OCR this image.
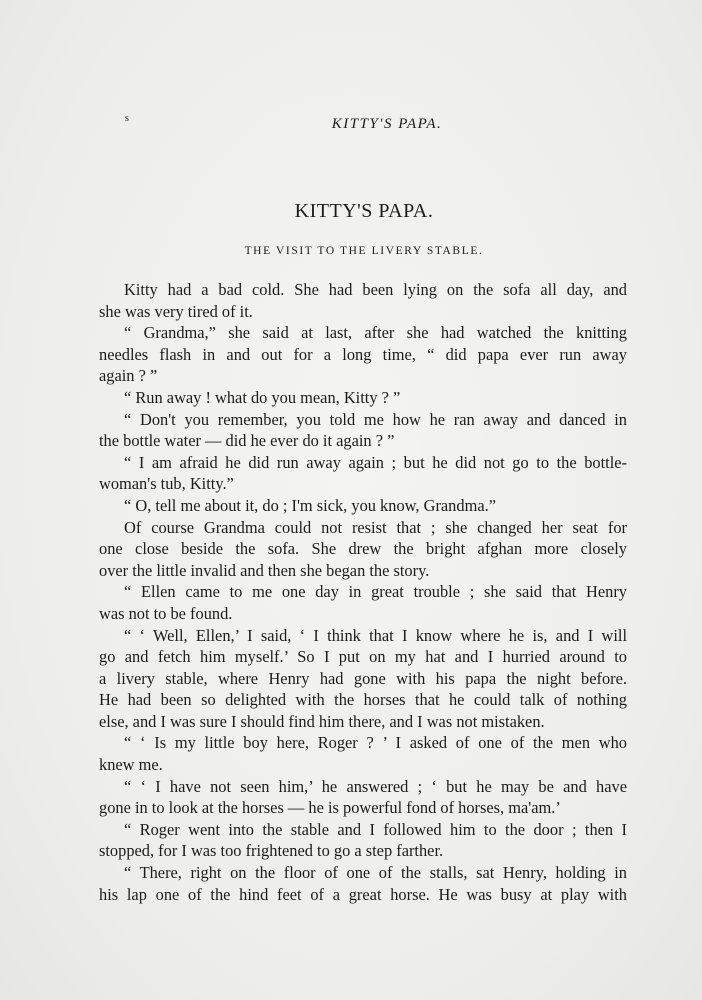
s	KITTY'S PAPA.
KITTY'S PAPA.
THE VISIT TO THE LIVERY STABLE.
Kitty had a bad cold. She had been lying on the sofa all day, and
she was very tired of it.
“ Grandma,” she said at last, after she had watched the knitting
needles flash in and out for a long time, “ did papa ever run away
again ? ”
“ Run away ! what do you mean, Kitty ? ”
“ Don't you remember, you told me how he ran away and danced in
the bottle water — did he ever do it again ? ”
“ I am afraid he did run away again ; but he did not go to the bottle-
woman's tub, Kitty.”
“ O, tell me about it, do ; I'm sick, you know, Grandma.”
Of course Grandma could not resist that ; she changed her seat for
one close beside the sofa. She drew the bright afghan more closely
over the little invalid and then she began the story.
“ Ellen came to me one day in great trouble ; she said that Henry
was not to be found.
“ ‘ Well, Ellen,’ I said, ‘ I think that I know where he is, and I will
go and fetch him myself.’ So I put on my hat and I hurried around to
a livery stable, where Henry had gone with his papa the night before.
He had been so delighted with the horses that he could talk of nothing
else, and I was sure I should find him there, and I was not mistaken.
“ ‘ Is my little boy here, Roger ? ’ I asked of one of the men who
knew me.
“ ‘ I have not seen him,’ he answered ; ‘ but he may be and have
gone in to look at the horses — he is powerful fond of horses, ma'am.’
“ Roger went into the stable and I followed him to the door ; then I
stopped, for I was too frightened to go a step farther.
“ There, right on the floor of one of the stalls, sat Henry, holding in
his lap one of the hind feet of a great horse. He was busy at play with
